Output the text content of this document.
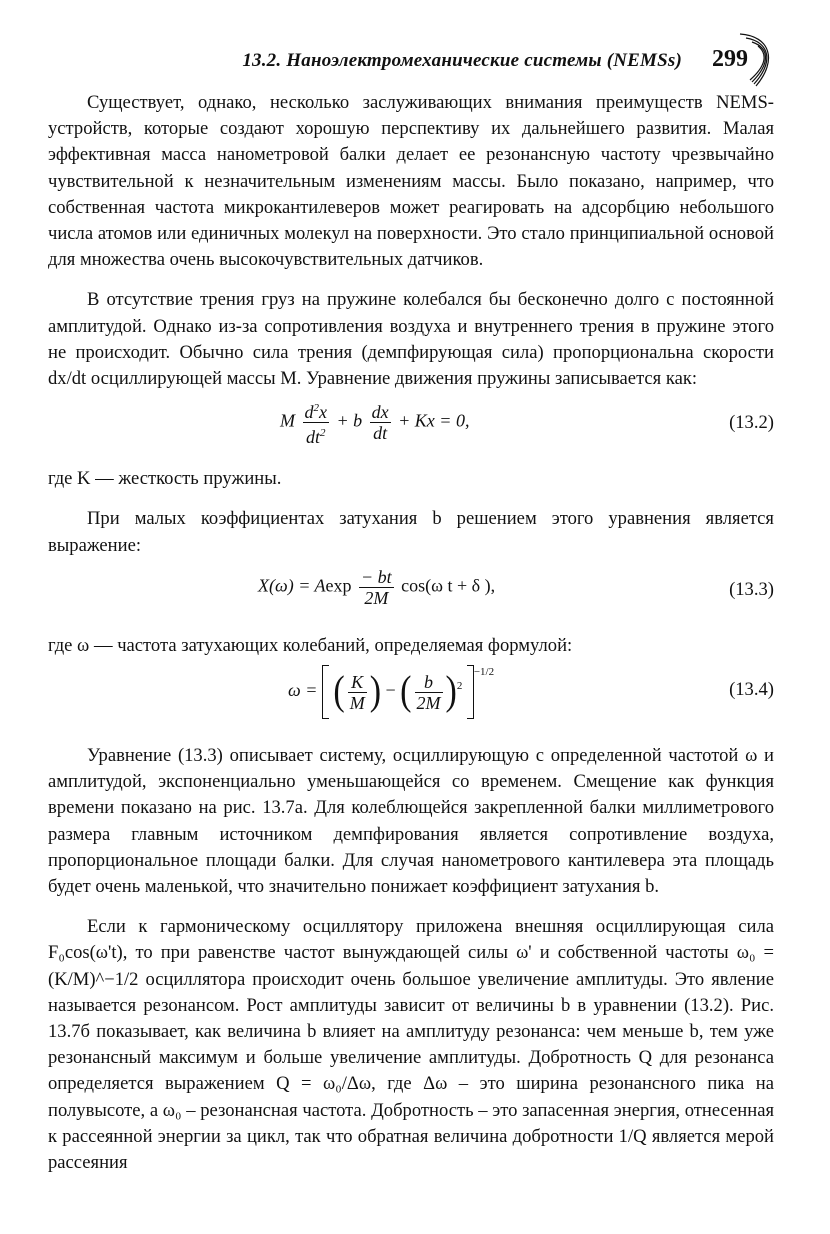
13.2. Наноэлектромеханические системы (NEMSs) 299

Существует, однако, несколько заслуживающих внимания преимуществ NEMS-устройств, которые создают хорошую перспективу их дальнейшего развития. Малая эффективная масса нанометровой балки делает ее резонансную частоту чрезвычайно чувствительной к незначительным изменениям массы. Было показано, например, что собственная частота микрокантилеверов может реагировать на адсорбцию небольшого числа атомов или единичных молекул на поверхности. Это стало принципиальной основой для множества очень высокочувствительных датчиков.

В отсутствие трения груз на пружине колебался бы бесконечно долго с постоянной амплитудой. Однако из-за сопротивления воздуха и внутреннего трения в пружине этого не происходит. Обычно сила трения (демпфирующая сила) пропорциональна скорости dx/dt осциллирующей массы M. Уравнение движения пружины записывается как:

M $\frac{d^2x}{dt^2} + b \frac{dx}{dt} + Kx = 0$,	(13.2)

где K — жесткость пружины.

При малых коэффициентах затухания b решением этого уравнения является выражение:

X(ω) = Aexp $\frac{- bt}{2M} \cos(\omega$ t + δ ),	(13.3)

где ω — частота затухающих колебаний, определяемая формулой:

ω = ( $\frac{K}{M}$ ) − ( $\frac{b}{2M} )^2$ $^{-1/2}$
(13.4)

Уравнение (13.3) описывает систему, осциллирующую с определенной частотой ω и амплитудой, экспоненциально уменьшающейся со временем. Смещение как функция времени показано на рис. 13.7а. Для колеблющейся закрепленной балки миллиметрового размера главным источником демпфирования является сопротивление воздуха, пропорциональное площади балки. Для случая нанометрового кантилевера эта площадь будет очень маленькой, что значительно понижает коэффициент затухания b.

Если к гармоническому осциллятору приложена внешняя осциллирующая сила F₀cos(ω't), то при равенстве частот вынуждающей силы ω' и собственной частоты ω₀ = (K/M)^−1/2 осциллятора происходит очень большое увеличение амплитуды. Это явление называется резонансом. Рост амплитуды зависит от величины b в уравнении (13.2). Рис. 13.7б показывает, как величина b влияет на амплитуду резонанса: чем меньше b, тем уже резонансный максимум и больше увеличение амплитуды. Добротность Q для резонанса определяется выражением Q = ω₀/Δω, где Δω – это ширина резонансного пика на полувысоте, а ω₀ – резонансная частота. Добротность – это запасенная энергия, отнесенная к рассеянной энергии за цикл, так что обратная величина добротности 1/Q является мерой рассеяния
